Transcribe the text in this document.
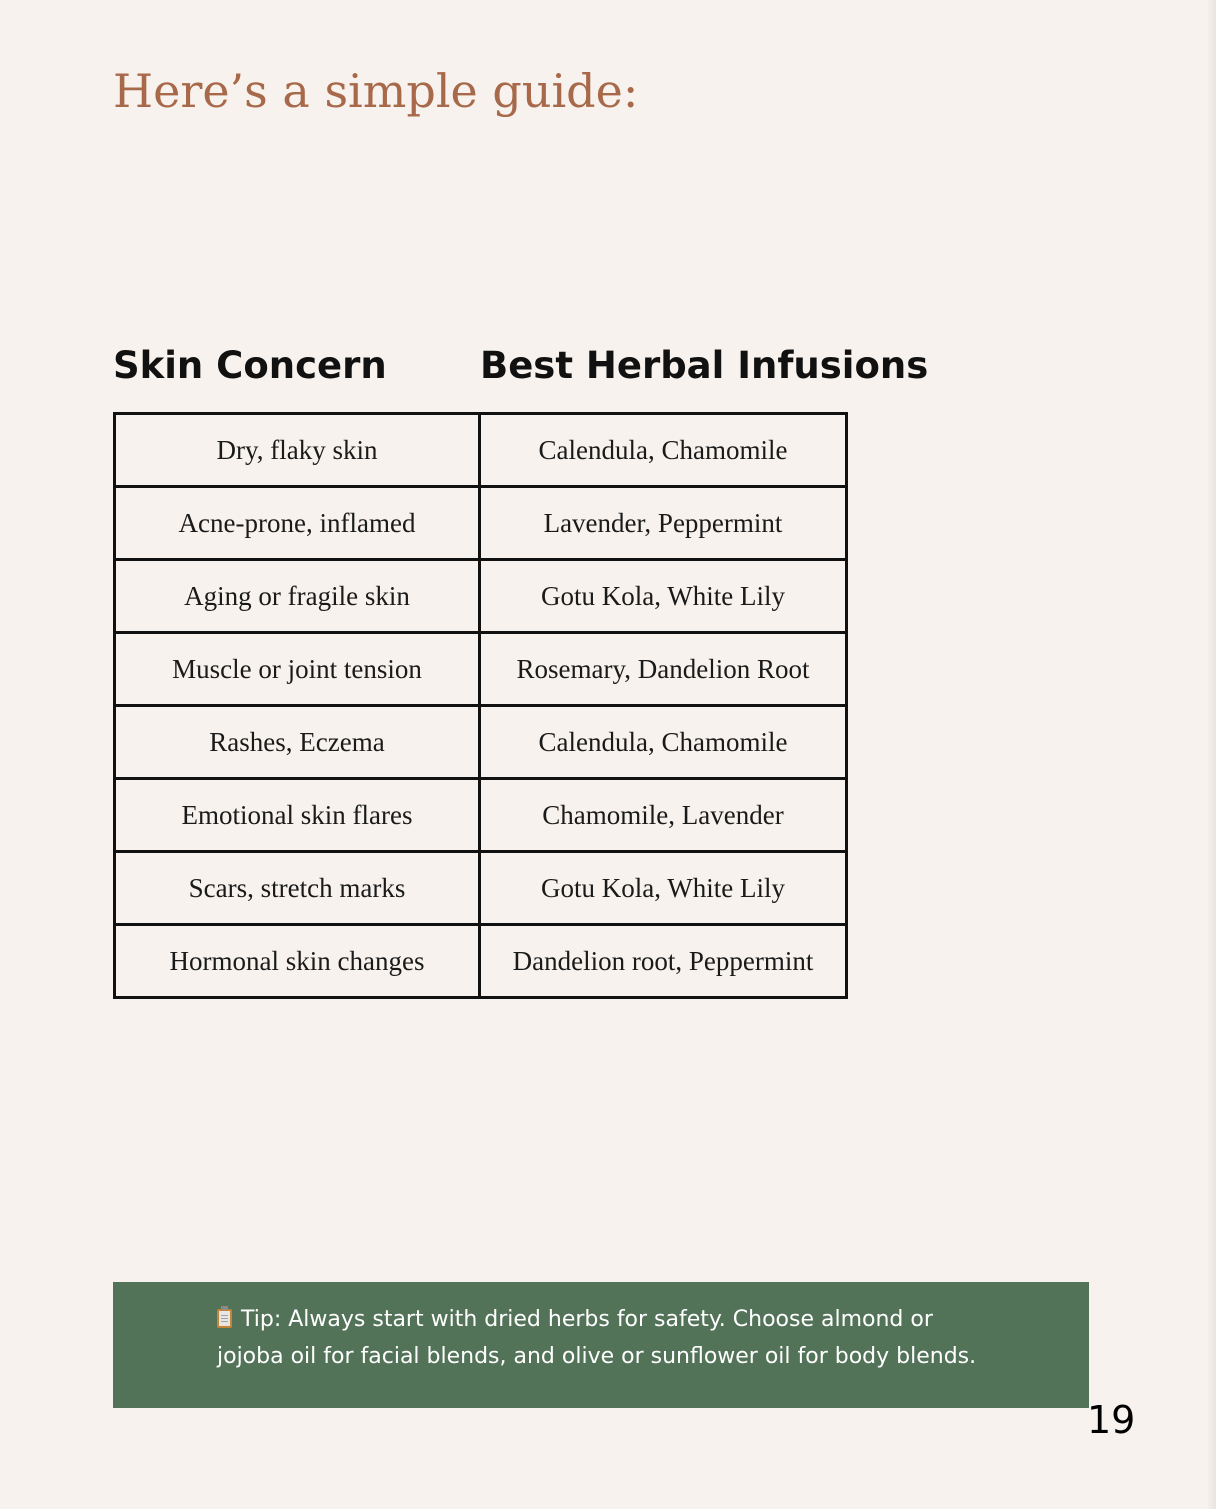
Here’s a simple guide:
Skin Concern	Best Herbal Infusions
Dry, flaky skin	Calendula, Chamomile
Acne-prone, inflamed	Lavender, Peppermint
Aging or fragile skin	Gotu Kola, White Lily
Muscle or joint tension	Rosemary, Dandelion Root
Rashes, Eczema	Calendula, Chamomile
Emotional skin flares	Chamomile, Lavender
Scars, stretch marks	Gotu Kola, White Lily
Hormonal skin changes	Dandelion root, Peppermint
Tip: Always start with dried herbs for safety. Choose almond or jojoba oil for facial blends, and olive or sunflower oil for body blends.
19
